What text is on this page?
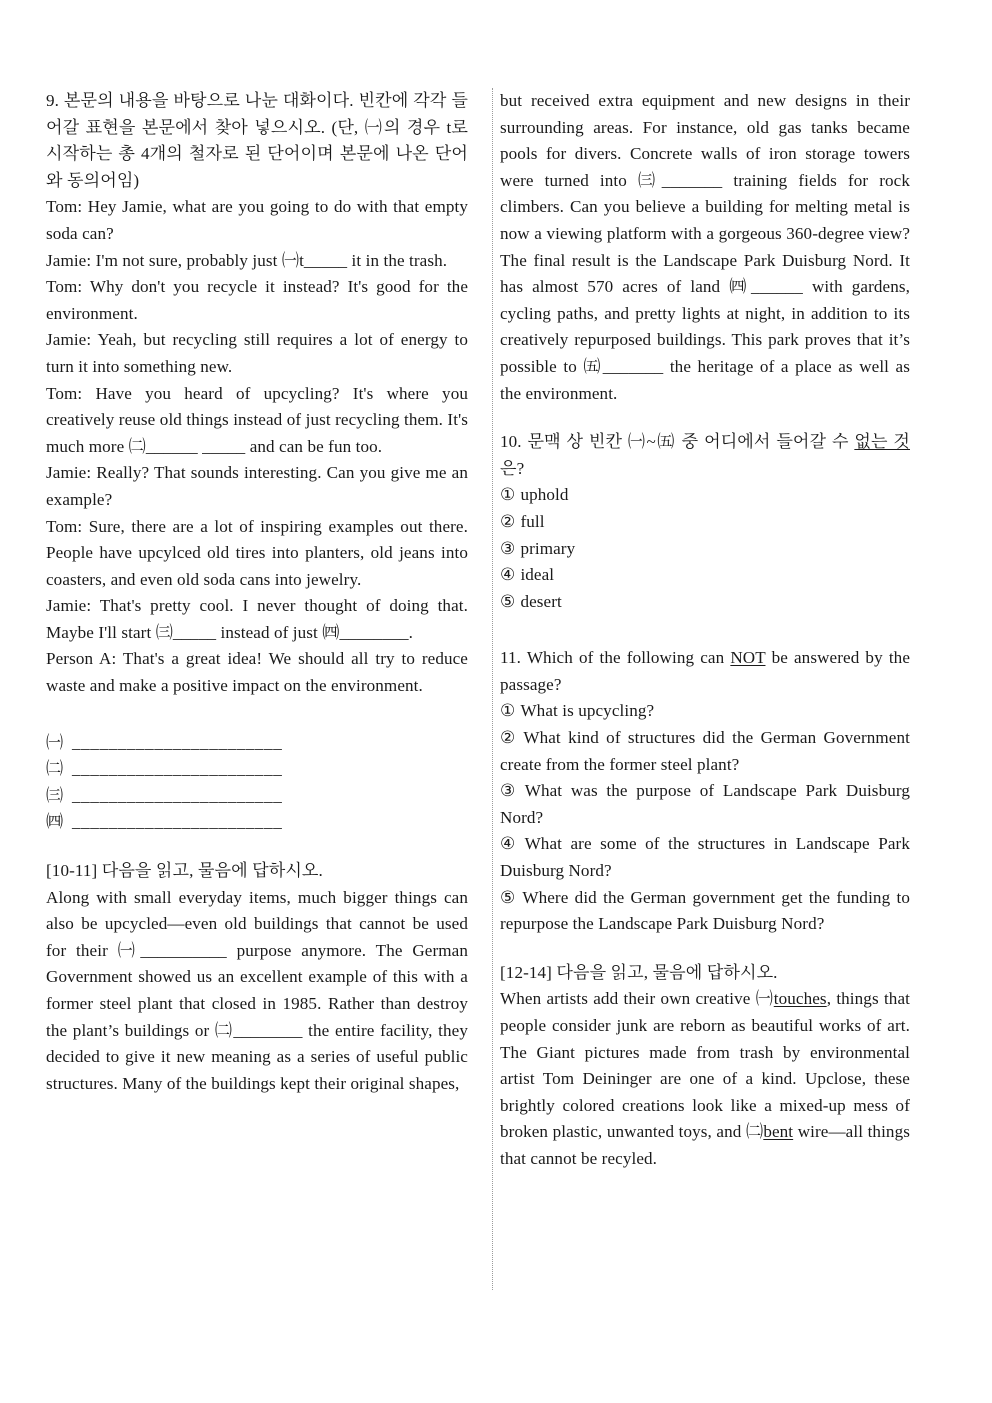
9. 본문의 내용을 바탕으로 나눈 대화이다. 빈칸에 각각 들어갈 표현을 본문에서 찾아 넣으시오. (단, ㈠의 경우 t로 시작하는 총 4개의 철자로 된 단어이며 본문에 나온 단어와 동의어임)

Tom: Hey Jamie, what are you going to do with that empty soda can?

Jamie: I'm not sure, probably just ㈠t_____ it in the trash.

Tom: Why don't you recycle it instead? It's good for the environment.

Jamie: Yeah, but recycling still requires a lot of energy to turn it into something new.

Tom: Have you heard of upcycling? It's where you creatively reuse old things instead of just recycling them. It's much more ㈡______ _____ and can be fun too.

Jamie: Really? That sounds interesting. Can you give me an example?

Tom: Sure, there are a lot of inspiring examples out there. People have upcylced old tires into planters, old jeans into coasters, and even old soda cans into jewelry.

Jamie: That's pretty cool. I never thought of doing that. Maybe I'll start ㈢_____ instead of just ㈣________.

Person A: That's a great idea! We should all try to reduce waste and make a positive impact on the environment.

㈠ _______________________
㈡ _______________________
㈢ _______________________
㈣ _______________________

[10-11] 다음을 읽고, 물음에 답하시오.

Along with small everyday items, much bigger things can also be upcycled—even old buildings that cannot be used for their ㈠__________ purpose anymore. The German Government showed us an excellent example of this with a former steel plant that closed in 1985. Rather than destroy the plant’s buildings or ㈡________ the entire facility, they decided to give it new meaning as a series of useful public structures. Many of the buildings kept their original shapes,

but received extra equipment and new designs in their surrounding areas. For instance, old gas tanks became pools for divers. Concrete walls of iron storage towers were turned into ㈢_______ training fields for rock climbers. Can you believe a building for melting metal is now a viewing platform with a gorgeous 360-degree view? The final result is the Landscape Park Duisburg Nord. It has almost 570 acres of land ㈣______ with gardens, cycling paths, and pretty lights at night, in addition to its creatively repurposed buildings. This park proves that it’s possible to ㈤_______ the heritage of a place as well as the environment.

10. 문맥 상 빈칸 ㈠~㈤ 중 어디에서 들어갈 수 없는 것은?

① uphold

② full

③ primary

④ ideal

⑤ desert

11. Which of the following can NOT be answered by the passage?

① What is upcycling?

② What kind of structures did the German Government create from the former steel plant?

③ What was the purpose of Landscape Park Duisburg Nord?

④ What are some of the structures in Landscape Park Duisburg Nord?

⑤ Where did the German government get the funding to repurpose the Landscape Park Duisburg Nord?

[12-14] 다음을 읽고, 물음에 답하시오.

When artists add their own creative ㈠touches, things that people consider junk are reborn as beautiful works of art. The Giant pictures made from trash by environmental artist Tom Deininger are one of a kind. Upclose, these brightly colored creations look like a mixed-up mess of broken plastic, unwanted toys, and ㈡bent wire—all things that cannot be recyled.
